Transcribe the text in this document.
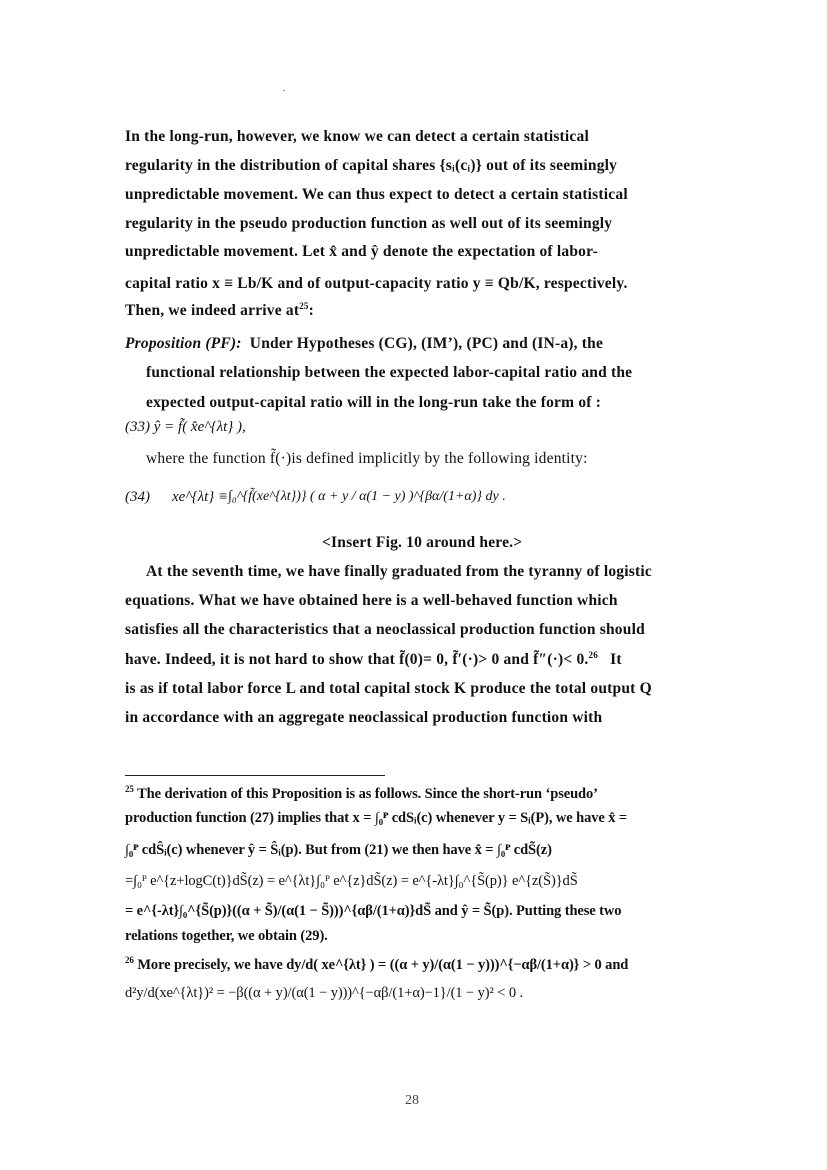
In the long-run, however, we know we can detect a certain statistical
regularity in the distribution of capital shares {sᵢ(cᵢ)} out of its seemingly
unpredictable movement. We can thus expect to detect a certain statistical
regularity in the pseudo production function as well out of its seemingly
unpredictable movement. Let x̂ and ŷ denote the expectation of labor-
capital ratio x ≡ Lb/K and of output-capacity ratio y ≡ Qb/K, respectively.
Then, we indeed arrive $at^{25}$:
Proposition (PF): Under Hypotheses (CG), (IM’), (PC) and (IN-a), the
functional relationship between the expected labor-capital ratio and the
expected output-capital ratio will in the long-run take the form of :
(33) ŷ = f̃( x̂e^{λt} ),
where the function f̃(·)is defined implicitly by the following identity:
(34) xe^{λt} ≡ ∫₀^{f̃(xe^{λt})} ( α + y / α(1 − y) )^{βα/(1+α)} dy .
<Insert Fig. 10 around here.>
At the seventh time, we have finally graduated from the tyranny of logistic
equations. What we have obtained here is a well-behaved function which
satisfies all the characteristics that a neoclassical production function should
have. Indeed, it is not hard to show that f̃(0)= 0, f̃′(·)> 0 and f̃″(·)< 0.26 It
is as if total labor force L and total capital stock K produce the total output Q
in accordance with an aggregate neoclassical production function with
$^{25}$ The derivation of this Proposition is as follows. Since the short-run ‘pseudo’
production function (27) implies that x = ∫₀ᴾ cdSᵢ(c) whenever y = Sᵢ(P), we have x̂ =
∫₀ᴾ cdŜᵢ(c) whenever ŷ = Ŝᵢ(p). But from (21) we then have x̂ = ∫₀ᴾ cdS̃(z)
=∫₀ᴾ e^{z+logC(t)}dS̃(z) = e^{λt}∫₀ᴾ e^{z}dS̃(z) = e^{-λt}∫₀^{S̃(p)} e^{z(S̃)}dS̃
= e^{-λt}∫₀^{S̃(p)}((α + S̃)/(α(1 − S̃)))^{αβ/(1+α)}dS̃ and ŷ = S̃(p). Putting these two
relations together, we obtain (29).
$^{26}$ More precisely, we have dy/d( xe^{λt} ) = ((α + y)/(α(1 − y)))^{−αβ/(1+α)} > 0 and
d²y/d(xe^{λt})² = −β((α + y)/(α(1 − y)))^{−αβ/(1+α)−1}/(1 − y)² < 0 .
28
